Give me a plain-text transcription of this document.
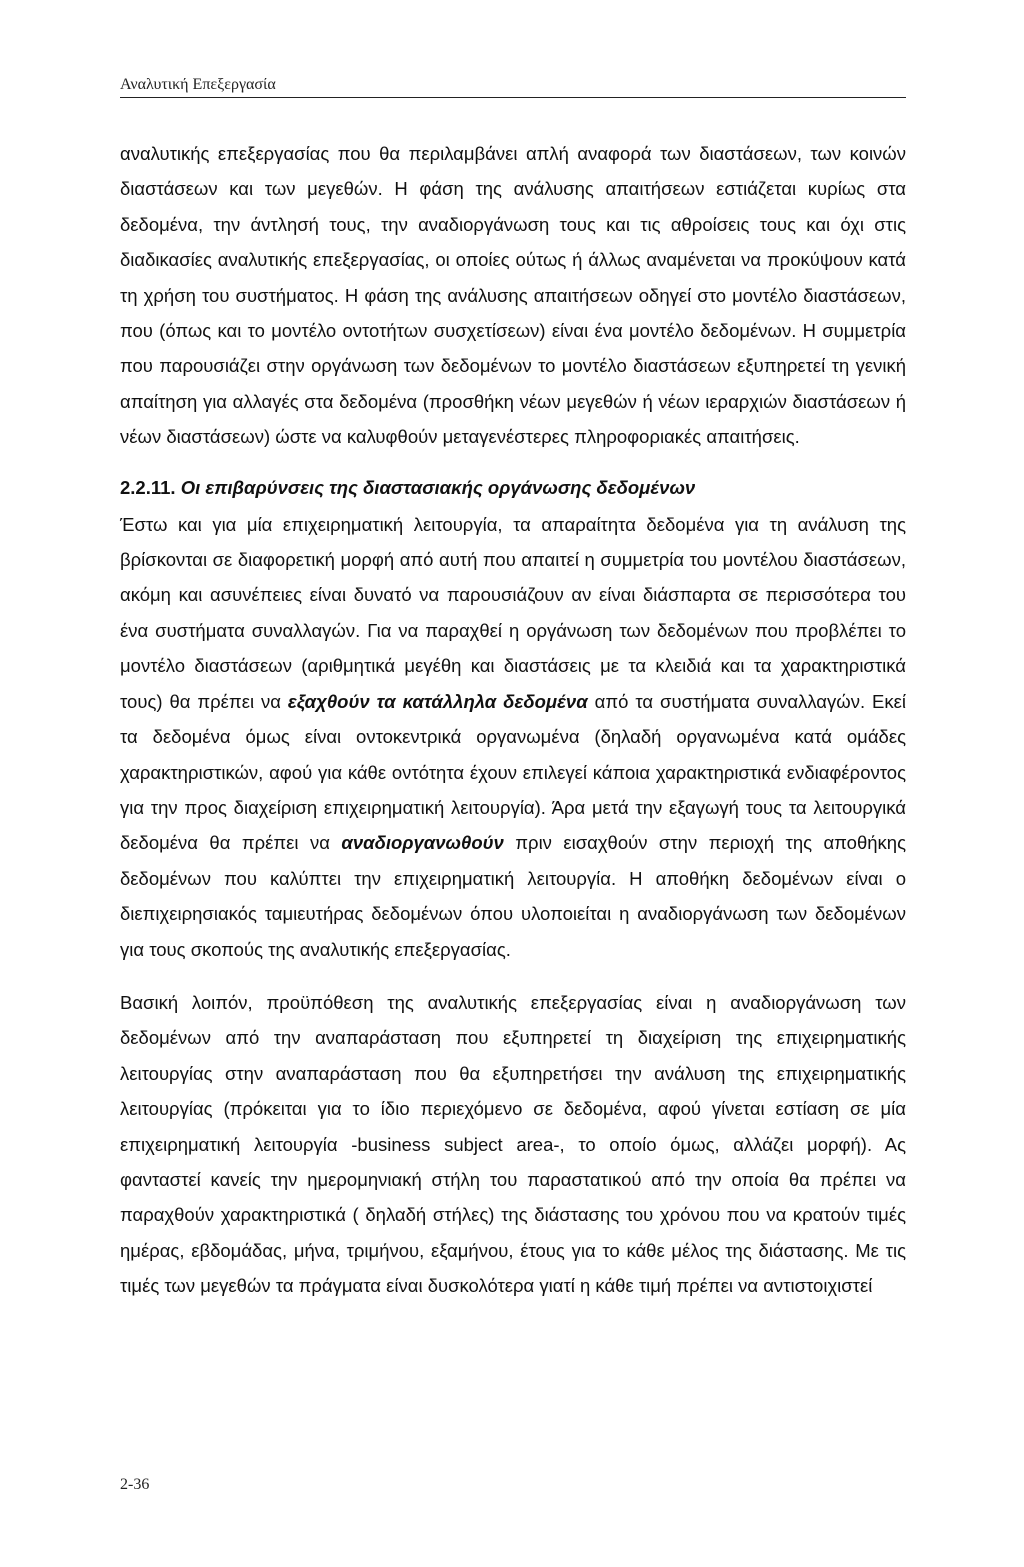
Αναλυτική Επεξεργασία

αναλυτικής επεξεργασίας που θα περιλαμβάνει απλή αναφορά των διαστάσεων, των κοινών διαστάσεων και των μεγεθών. Η φάση της ανάλυσης απαιτήσεων εστιάζεται κυρίως στα δεδομένα, την άντλησή τους, την αναδιοργάνωση τους και τις αθροίσεις τους και όχι στις διαδικασίες αναλυτικής επεξεργασίας, οι οποίες ούτως ή άλλως αναμένεται να προκύψουν κατά τη χρήση του συστήματος. Η φάση της ανάλυσης απαιτήσεων οδηγεί στο μοντέλο διαστάσεων, που (όπως και το μοντέλο οντοτήτων συσχετίσεων) είναι ένα μοντέλο δεδομένων. Η συμμετρία που παρουσιάζει στην οργάνωση των δεδομένων το μοντέλο διαστάσεων εξυπηρετεί τη γενική απαίτηση για αλλαγές στα δεδομένα (προσθήκη νέων μεγεθών ή νέων ιεραρχιών διαστάσεων ή νέων διαστάσεων) ώστε να καλυφθούν μεταγενέστερες πληροφοριακές απαιτήσεις.

2.2.11. Οι επιβαρύνσεις της διαστασιακής οργάνωσης δεδομένων

Έστω και για μία επιχειρηματική λειτουργία, τα απαραίτητα δεδομένα για τη ανάλυση της βρίσκονται σε διαφορετική μορφή από αυτή που απαιτεί η συμμετρία του μοντέλου διαστάσεων, ακόμη και ασυνέπειες είναι δυνατό να παρουσιάζουν αν είναι διάσπαρτα σε περισσότερα του ένα συστήματα συναλλαγών. Για να παραχθεί η οργάνωση των δεδομένων που προβλέπει το μοντέλο διαστάσεων (αριθμητικά μεγέθη και διαστάσεις με τα κλειδιά και τα χαρακτηριστικά τους) θα πρέπει να εξαχθούν τα κατάλληλα δεδομένα από τα συστήματα συναλλαγών. Εκεί τα δεδομένα όμως είναι οντοκεντρικά οργανωμένα (δηλαδή οργανωμένα κατά ομάδες χαρακτηριστικών, αφού για κάθε οντότητα έχουν επιλεγεί κάποια χαρακτηριστικά ενδιαφέροντος για την προς διαχείριση επιχειρηματική λειτουργία). Άρα μετά την εξαγωγή τους τα λειτουργικά δεδομένα θα πρέπει να αναδιοργανωθούν πριν εισαχθούν στην περιοχή της αποθήκης δεδομένων που καλύπτει την επιχειρηματική λειτουργία. Η αποθήκη δεδομένων είναι ο διεπιχειρησιακός ταμιευτήρας δεδομένων όπου υλοποιείται η αναδιοργάνωση των δεδομένων για τους σκοπούς της αναλυτικής επεξεργασίας.

Βασική λοιπόν, προϋπόθεση της αναλυτικής επεξεργασίας είναι η αναδιοργάνωση των δεδομένων από την αναπαράσταση που εξυπηρετεί τη διαχείριση της επιχειρηματικής λειτουργίας στην αναπαράσταση που θα εξυπηρετήσει την ανάλυση της επιχειρηματικής λειτουργίας (πρόκειται για το ίδιο περιεχόμενο σε δεδομένα, αφού γίνεται εστίαση σε μία επιχειρηματική λειτουργία -business subject area-, το οποίο όμως, αλλάζει μορφή). Ας φανταστεί κανείς την ημερομηνιακή στήλη του παραστατικού από την οποία θα πρέπει να παραχθούν χαρακτηριστικά ( δηλαδή στήλες) της διάστασης του χρόνου που να κρατούν τιμές ημέρας, εβδομάδας, μήνα, τριμήνου, εξαμήνου, έτους για το κάθε μέλος της διάστασης. Με τις τιμές των μεγεθών τα πράγματα είναι δυσκολότερα γιατί η κάθε τιμή πρέπει να αντιστοιχιστεί

2-36
